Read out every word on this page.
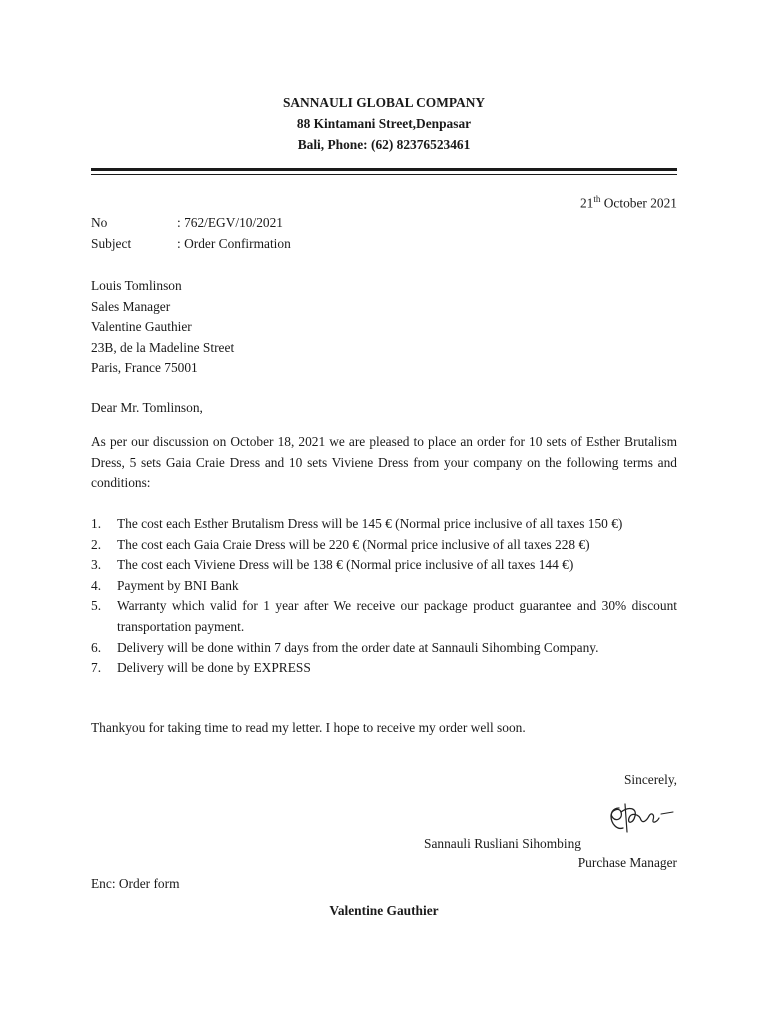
SANNAULI GLOBAL COMPANY
88 Kintamani Street,Denpasar
Bali, Phone: (62) 82376523461
21th October 2021
No	: 762/EGV/10/2021
Subject	: Order Confirmation
Louis Tomlinson
Sales Manager
Valentine Gauthier
23B, de la Madeline Street
Paris, France 75001
Dear Mr. Tomlinson,
As per our discussion on October 18, 2021 we are pleased to place an order for 10 sets of Esther Brutalism Dress, 5 sets Gaia Craie Dress and 10 sets Viviene Dress from your company on the following terms and conditions:
1. The cost each Esther Brutalism Dress will be 145 € (Normal price inclusive of all taxes 150 €)
2. The cost each Gaia Craie Dress will be 220 € (Normal price inclusive of all taxes 228 €)
3. The cost each Viviene Dress will be 138 € (Normal price inclusive of all taxes 144 €)
4. Payment by BNI Bank
5. Warranty which valid for 1 year after We receive our package product guarantee and 30% discount transportation payment.
6. Delivery will be done within 7 days from the order date at Sannauli Sihombing Company.
7. Delivery will be done by EXPRESS
Thankyou for taking time to read my letter. I hope to receive my order well soon.
Sincerely,
Sannauli Rusliani Sihombing
Purchase Manager
Enc: Order form
Valentine Gauthier
